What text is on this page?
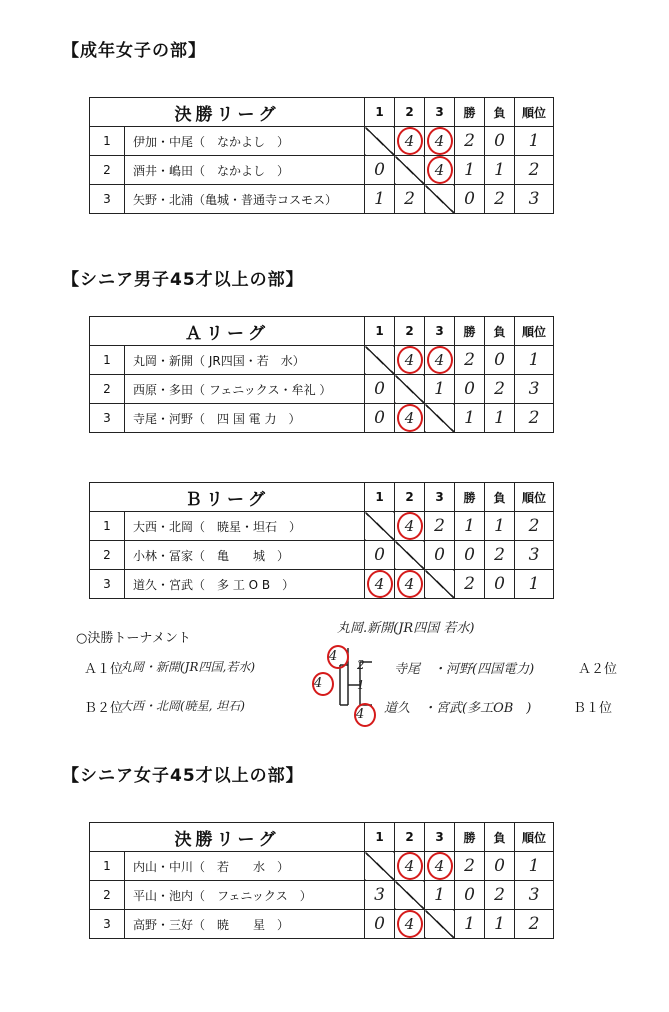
【成年女子の部】
決勝リーグ		1	2	3	勝	負	順位
1	伊加・中尾（　なかよし　）		4	4	2	0	1
2	酒井・嶋田（　なかよし　）	0		4	1	1	2
3	矢野・北浦（亀城・普通寺コスモス）	1	2		0	2	3
【シニア男子45才以上の部】
Ａリーグ		1	2	3	勝	負	順位
1	丸岡・新開（ JR四国・若　水）		4	4	2	0	1
2	西原・多田（ フェニックス・牟礼 ）	0		1	0	2	3
3	寺尾・河野（　四 国 電 力　）	0	4		1	1	2
Ｂリーグ		1	2	3	勝	負	順位
1	大西・北岡（　暁星・坦石　）		4	2	1	1	2
2	小林・冨家（　亀　　城　）	0		0	0	2	3
3	道久・宮武（　多 工 O B　）	4	4		2	0	1
○決勝トーナメント
丸岡.新開(JR四国 若水)
Ａ１位
丸岡・新開(JR四国,若水)
Ｂ２位
大西・北岡(暁星, 坦石)
寺尾　・河野(四国電力)	Ａ２位
道久　・宮武(多工OB　)	Ｂ１位
4
4
4
2
1
【シニア女子45才以上の部】
決勝リーグ		1	2	3	勝	負	順位
1	内山・中川（　若　　水　）		4	4	2	0	1
2	平山・池内（　フェニックス　）	3		1	0	2	3
3	高野・三好（　暁　　星　）	0	4		1	1	2
